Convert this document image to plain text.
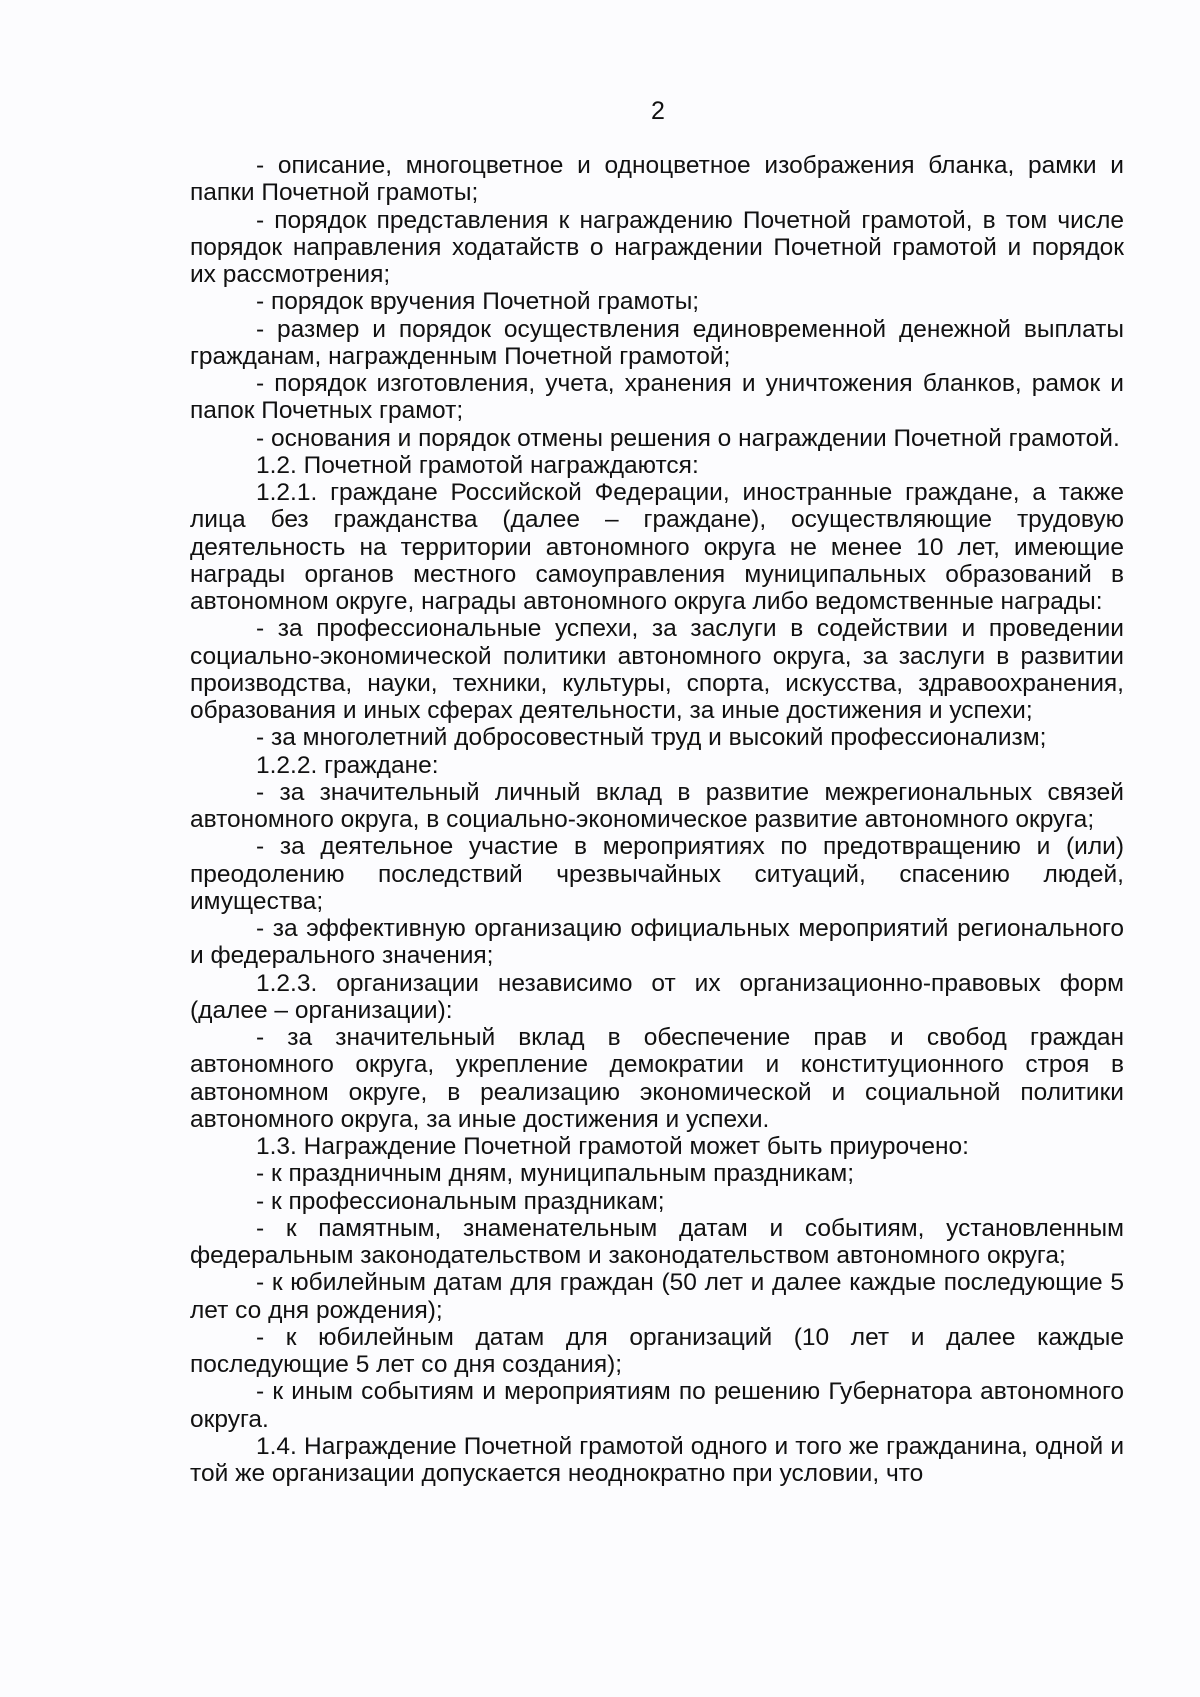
2

- описание, многоцветное и одноцветное изображения бланка, рамки и папки Почетной грамоты;

- порядок представления к награждению Почетной грамотой, в том числе порядок направления ходатайств о награждении Почетной грамотой и порядок их рассмотрения;

- порядок вручения Почетной грамоты;

- размер и порядок осуществления единовременной денежной выплаты гражданам, награжденным Почетной грамотой;

- порядок изготовления, учета, хранения и уничтожения бланков, рамок и папок Почетных грамот;

- основания и порядок отмены решения о награждении Почетной грамотой.

1.2. Почетной грамотой награждаются:

1.2.1. граждане Российской Федерации, иностранные граждане, а также лица без гражданства (далее – граждане), осуществляющие трудовую деятельность на территории автономного округа не менее 10 лет, имеющие награды органов местного самоуправления муниципальных образований в автономном округе, награды автономного округа либо ведомственные награды:

- за профессиональные успехи, за заслуги в содействии и проведении социально-экономической политики автономного округа, за заслуги в развитии производства, науки, техники, культуры, спорта, искусства, здравоохранения, образования и иных сферах деятельности, за иные достижения и успехи;

- за многолетний добросовестный труд и высокий профессионализм;

1.2.2. граждане:

- за значительный личный вклад в развитие межрегиональных связей автономного округа, в социально-экономическое развитие автономного округа;

- за деятельное участие в мероприятиях по предотвращению и (или) преодолению последствий чрезвычайных ситуаций, спасению людей, имущества;

- за эффективную организацию официальных мероприятий регионального и федерального значения;

1.2.3. организации независимо от их организационно-правовых форм (далее – организации):

- за значительный вклад в обеспечение прав и свобод граждан автономного округа, укрепление демократии и конституционного строя в автономном округе, в реализацию экономической и социальной политики автономного округа, за иные достижения и успехи.

1.3. Награждение Почетной грамотой может быть приурочено:

- к праздничным дням, муниципальным праздникам;

- к профессиональным праздникам;

- к памятным, знаменательным датам и событиям, установленным федеральным законодательством и законодательством автономного округа;

- к юбилейным датам для граждан (50 лет и далее каждые последующие 5 лет со дня рождения);

- к юбилейным датам для организаций (10 лет и далее каждые последующие 5 лет со дня создания);

- к иным событиям и мероприятиям по решению Губернатора автономного округа.

1.4. Награждение Почетной грамотой одного и того же гражданина, одной и той же организации допускается неоднократно при условии, что
